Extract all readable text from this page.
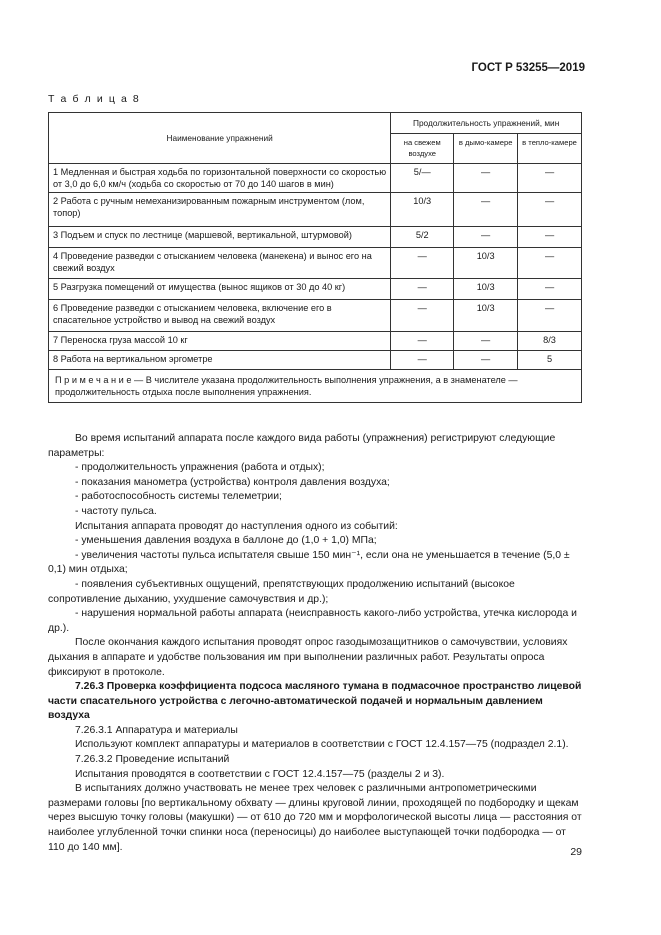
ГОСТ Р 53255—2019
Т а б л и ц а 8
Наименование упражнений	Продолжительность упражнений, мин		
	на свежем воздухе	в дымо-камере	в тепло-камере
1 Медленная и быстрая ходьба по горизонтальной поверхности со скоростью от 3,0 до 6,0 км/ч (ходьба со скоростью от 70 до 140 шагов в мин)	5/—	—	—
2 Работа с ручным немеханизированным пожарным инструментом (лом, топор)	10/3	—	—
3 Подъем и спуск по лестнице (маршевой, вертикальной, штурмовой)	5/2	—	—
4 Проведение разведки с отысканием человека (манекена) и вынос его на свежий воздух	—	10/3	—
5 Разгрузка помещений от имущества (вынос ящиков от 30 до 40 кг)	—	10/3	—
6 Проведение разведки с отысканием человека, включение его в спасательное устройство и вывод на свежий воздух	—	10/3	—
7 Переноска груза массой 10 кг	—	—	8/3
8 Работа на вертикальном эргометре	—	—	5
П р и м е ч а н и е — В числителе указана продолжительность выполнения упражнения, а в знаменателе — продолжительность отдыха после выполнения упражнения.			

Во время испытаний аппарата после каждого вида работы (упражнения) регистрируют следующие параметры:

- продолжительность упражнения (работа и отдых);

- показания манометра (устройства) контроля давления воздуха;

- работоспособность системы телеметрии;

- частоту пульса.

Испытания аппарата проводят до наступления одного из событий:

- уменьшения давления воздуха в баллоне до (1,0 + 1,0) МПа;

- увеличения частоты пульса испытателя свыше 150 мин⁻¹, если она не уменьшается в течение (5,0 ± 0,1) мин отдыха;

- появления субъективных ощущений, препятствующих продолжению испытаний (высокое сопротивление дыханию, ухудшение самочувствия и др.);

- нарушения нормальной работы аппарата (неисправность какого-либо устройства, утечка кислорода и др.).

После окончания каждого испытания проводят опрос газодымозащитников о самочувствии, условиях дыхания в аппарате и удобстве пользования им при выполнении различных работ. Результаты опроса фиксируют в протоколе.

7.26.3 Проверка коэффициента подсоса масляного тумана в подмасочное пространство лицевой части спасательного устройства с легочно-автоматической подачей и нормальным давлением воздуха

7.26.3.1 Аппаратура и материалы

Используют комплект аппаратуры и материалов в соответствии с ГОСТ 12.4.157—75 (подраздел 2.1).

7.26.3.2 Проведение испытаний

Испытания проводятся в соответствии с ГОСТ 12.4.157—75 (разделы 2 и 3).

В испытаниях должно участвовать не менее трех человек с различными антропометрическими размерами головы [по вертикальному обхвату — длины круговой линии, проходящей по подбородку и щекам через высшую точку головы (макушки) — от 610 до 720 мм и морфологической высоты лица — расстояния от наиболее углубленной точки спинки носа (переносицы) до наиболее выступающей точки подбородка — от 110 до 140 мм].	29
